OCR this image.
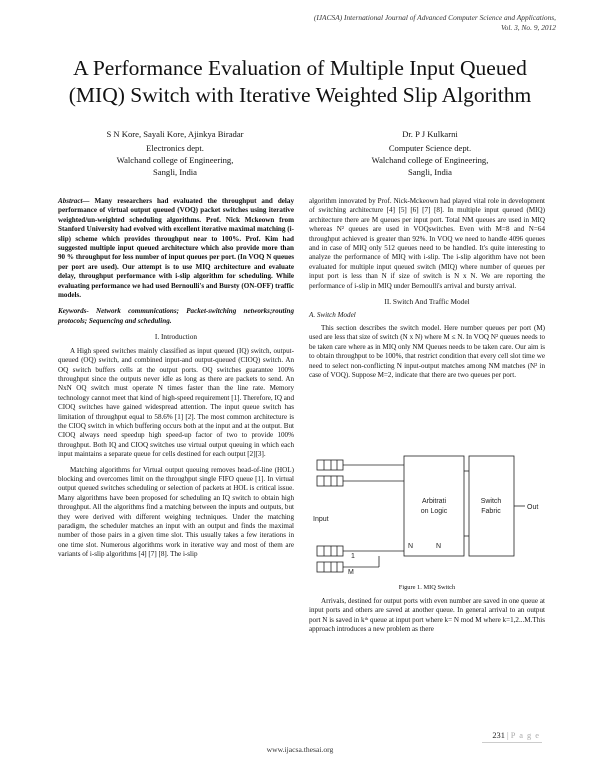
(IJACSA) International Journal of Advanced Computer Science and Applications,
Vol. 3, No. 9, 2012
A Performance Evaluation of Multiple Input Queued
(MIQ) Switch with Iterative Weighted Slip Algorithm
S N Kore, Sayali Kore, Ajinkya Biradar
Electronics dept.
Walchand college of Engineering,
Sangli, India
Dr. P J Kulkarni
Computer Science dept.
Walchand college of Engineering,
Sangli, India

Abstract— Many researchers had evaluated the throughput and delay performance of virtual output queued (VOQ) packet switches using iterative weighted/un-weighted scheduling algorithms. Prof. Nick Mckeown from Stanford University had evolved with excellent iterative maximal matching (i-slip) scheme which provides throughput near to 100%. Prof. Kim had suggested multiple input queued architecture which also provide more than 90 % throughput for less number of input queues per port. (In VOQ N queues per port are used). Our attempt is to use MIQ architecture and evaluate delay, throughput performance with i-slip algorithm for scheduling. While evaluating performance we had used Bernoulli's and Bursty (ON-OFF) traffic models.

Keywords- Network communications; Packet-switching networks;routing protocols; Sequencing and scheduling.

I. Introduction

A High speed switches mainly classified as input queued (IQ) switch, output-queued (OQ) switch, and combined input-and output-queued (CIOQ) switch. An OQ switch buffers cells at the output ports. OQ switches guarantee 100% throughput since the outputs never idle as long as there are packets to send. An NxN OQ switch must operate N times faster than the line rate. Memory technology cannot meet that kind of high-speed requirement [1]. Therefore, IQ and CIOQ switches have gained widespread attention. The input queue switch has limitation of throughput equal to 58.6% [1] [2]. The most common architecture is the CIOQ switch in which buffering occurs both at the input and at the output. But CIOQ always need speedup high speed-up factor of two to provide 100% throughput. Both IQ and CIOQ switches use virtual output queuing in which each input maintains a separate queue for cells destined for each output [2][3].

Matching algorithms for Virtual output queuing removes head-of-line (HOL) blocking and overcomes limit on the throughput single FIFO queue [1]. In virtual output queued switches scheduling or selection of packets at HOL is critical issue. Many algorithms have been proposed for scheduling an IQ switch to obtain high throughput. All the algorithms find a matching between the inputs and outputs, but they were derived with different weighing techniques. Under the matching paradigm, the scheduler matches an input with an output and finds the maximal number of those pairs in a given time slot. This usually takes a few iterations in one time slot. Numerous algorithms work in iterative way and most of them are variants of i-slip algorithms [4] [7] [8]. The i-slip

algorithm innovated by Prof. Nick-Mckeown had played vital role in development of switching architecture [4] [5] [6] [7] [8]. In multiple input queued (MIQ) architecture there are M queues per input port. Total NM queues are used in MIQ whereas N² queues are used in VOQswitches. Even with M=8 and N=64 throughput achieved is greater than 92%. In VOQ we need to handle 4096 queues and in case of MIQ only 512 queues need to be handled. It's quite interesting to analyze the performance of MIQ with i-slip. The i-slip algorithm have not been evaluated for multiple input queued switch (MIQ) where number of queues per input port is less than N if size of switch is N x N. We are reporting the performance of i-slip in MIQ under Bernoulli's arrival and bursty arrival.

II. Switch And Traffic Model
A. Switch Model

This section describes the switch model. Here number queues per port (M) used are less that size of switch (N x N) where M ≤ N. In VOQ N² queues needs to be taken care where as in MIQ only NM Queues needs to be taken care. Our aim is to obtain throughput to be 100%, that restrict condition that every cell slot time we need to select non-conflicting N input-output matches among NM matches (N² in case of VOQ). Suppose M=2, indicate that there are two queues per port.

Input
Arbitrati
on Logic
Switch
Fabric
Out
N	N
1
M
Figure 1. MIQ Switch

Arrivals, destined for output ports with even number are saved in one queue at input ports and others are saved at another queue. In general arrival to an output port N is saved in kᵗʰ queue at input port where k= N mod M where k=1,2...M.This approach introduces a new problem as there

231 | P a g e
www.ijacsa.thesai.org
